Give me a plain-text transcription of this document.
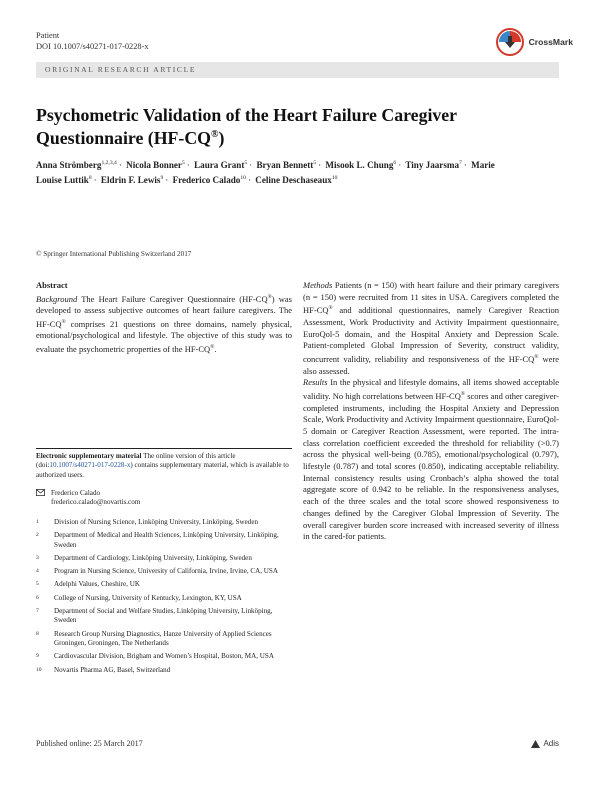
Patient
DOI 10.1007/s40271-017-0228-x	CrossMark
ORIGINAL RESEARCH ARTICLE
Psychometric Validation of the Heart Failure Caregiver Questionnaire (HF-CQ®)
Anna Strömberg$^{1,2,3,4}$ · Nicola Bonner$^5$ · Laura Grant$^5$ · Bryan Bennett$^5$ · Misook L. Chung$^6$ · Tiny Jaarsma$^7$ · Marie Louise Luttik$^8$ · Eldrin F. Lewis$^9$ · Frederico Calado$^{10}$ · Celine Deschaseaux$^{10}$
© Springer International Publishing Switzerland 2017
Abstract

Background The Heart Failure Caregiver Questionnaire (HF-CQ®) was developed to assess subjective outcomes of heart failure caregivers. The HF-CQ® comprises 21 questions on three domains, namely physical, emotional/psychological and lifestyle. The objective of this study was to evaluate the psychometric properties of the HF-CQ®.

Electronic supplementary material The online version of this article (doi:10.1007/s40271-017-0228-x) contains supplementary material, which is available to authorized users.
Frederico Calado
frederico.calado@novartis.com
1	Division of Nursing Science, Linköping University, Linköping, Sweden
2	Department of Medical and Health Sciences, Linköping University, Linköping, Sweden
3	Department of Cardiology, Linköping University, Linköping, Sweden
4	Program in Nursing Science, University of California, Irvine, Irvine, CA, USA
5	Adelphi Values, Cheshire, UK
6	College of Nursing, University of Kentucky, Lexington, KY, USA
7	Department of Social and Welfare Studies, Linköping University, Linköping, Sweden
8	Research Group Nursing Diagnostics, Hanze University of Applied Sciences Groningen, Groningen, The Netherlands
9	Cardiovascular Division, Brigham and Women’s Hospital, Boston, MA, USA
10	Novartis Pharma AG, Basel, Switzerland

Methods Patients (n = 150) with heart failure and their primary caregivers (n = 150) were recruited from 11 sites in USA. Caregivers completed the HF-CQ® and additional questionnaires, namely Caregiver Reaction Assessment, Work Productivity and Activity Impairment questionnaire, EuroQol-5 domain, and the Hospital Anxiety and Depression Scale. Patient-completed Global Impression of Severity, construct validity, concurrent validity, reliability and responsiveness of the HF-CQ® were also assessed.

Results In the physical and lifestyle domains, all items showed acceptable validity. No high correlations between HF-CQ® scores and other caregiver-completed instruments, including the Hospital Anxiety and Depression Scale, Work Productivity and Activity Impairment questionnaire, EuroQol-5 domain or Caregiver Reaction Assessment, were reported. The intra-class correlation coefficient exceeded the threshold for reliability (>0.7) across the physical well-being (0.785), emotional/psychological (0.797), lifestyle (0.787) and total scores (0.850), indicating acceptable reliability. Internal consistency results using Cronbach’s alpha showed the total aggregate score of 0.942 to be reliable. In the responsiveness analyses, each of the three scales and the total score showed responsiveness to changes defined by the Caregiver Global Impression of Severity. The overall caregiver burden score increased with increased severity of illness in the cared-for patients.

Published online: 25 March 2017	Adis
